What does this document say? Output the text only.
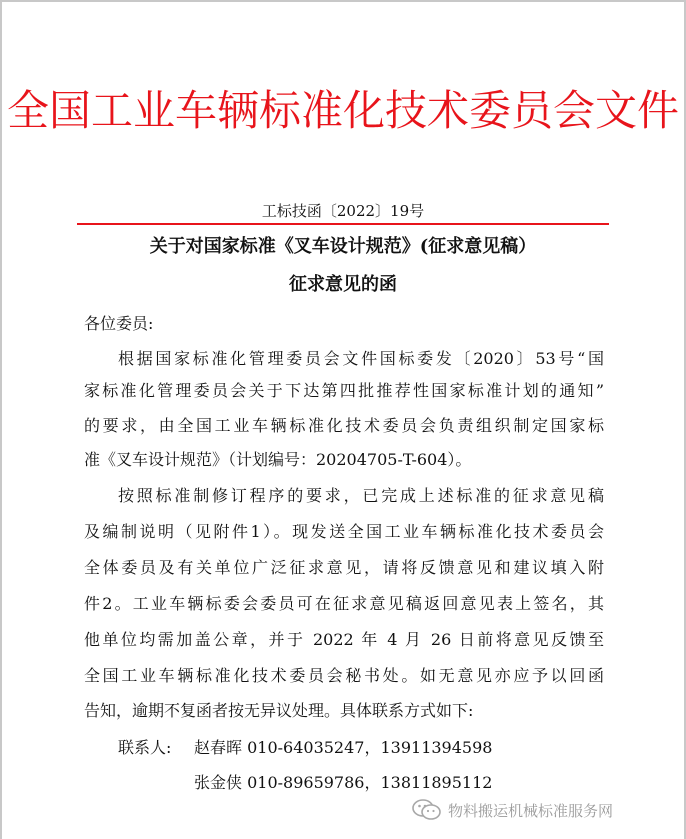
全国工业车辆标准化技术委员会文件
工标技函〔2022〕19号
关于对国家标准《叉车设计规范》(征求意见稿）
征求意见的函
各位委员:
根据国家标准化管理委员会文件国标委发〔2020〕53号“国
家标准化管理委员会关于下达第四批推荐性国家标准计划的通知”
的要求，由全国工业车辆标准化技术委员会负责组织制定国家标
准《叉车设计规范》（计划编号：20204705-T-604）。
按照标准制修订程序的要求，已完成上述标准的征求意见稿
及编制说明（见附件1）。现发送全国工业车辆标准化技术委员会
全体委员及有关单位广泛征求意见，请将反馈意见和建议填入附
件2。工业车辆标委会委员可在征求意见稿返回意见表上签名，其
他单位均需加盖公章，并于 2022 年 4 月 26 日前将意见反馈至
全国工业车辆标准化技术委员会秘书处。如无意见亦应予以回函
告知，逾期不复函者按无异议处理。具体联系方式如下:
联系人: 赵春晖 010-64035247，13911394598
张金侠 010-89659786，13811895112
物料搬运机械标准服务网
